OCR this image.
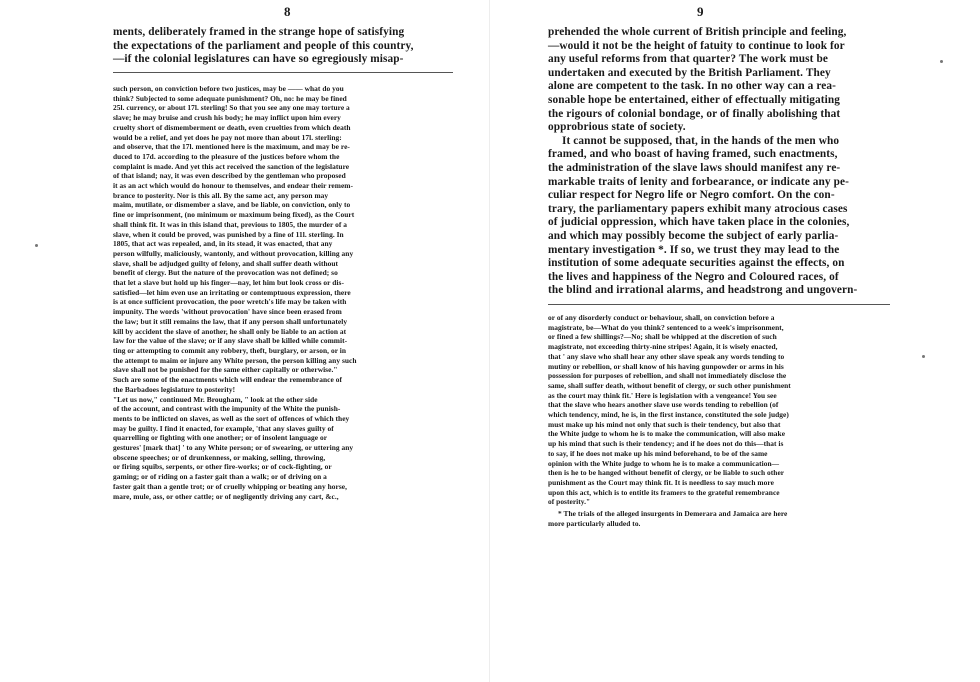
8
ments, deliberately framed in the strange hope of satisfying
the expectations of the parliament and people of this country,
—if the colonial legislatures can have so egregiously misap-
such person, on conviction before two justices, may be —— what do you
think? Subjected to some adequate punishment? Oh, no: he may be fined
25l. currency, or about 17l. sterling! So that you see any one may torture a
slave; he may bruise and crush his body; he may inflict upon him every
cruelty short of dismemberment or death, even cruelties from which death
would be a relief, and yet does he pay not more than about 17l. sterling:
and observe, that the 17l. mentioned here is the maximum, and may be re-
duced to 17d. according to the pleasure of the justices before whom the
complaint is made. And yet this act received the sanction of the legislature
of that island; nay, it was even described by the gentleman who proposed
it as an act which would do honour to themselves, and endear their remem-
brance to posterity. Nor is this all. By the same act, any person may
maim, mutilate, or dismember a slave, and be liable, on conviction, only to
fine or imprisonment, (no minimum or maximum being fixed), as the Court
shall think fit. It was in this island that, previous to 1805, the murder of a
slave, when it could be proved, was punished by a fine of 11l. sterling. In
1805, that act was repealed, and, in its stead, it was enacted, that any
person wilfully, maliciously, wantonly, and without provocation, killing any
slave, shall be adjudged guilty of felony, and shall suffer death without
benefit of clergy. But the nature of the provocation was not defined; so
that let a slave but hold up his finger—nay, let him but look cross or dis-
satisfied—let him even use an irritating or contemptuous expression, there
is at once sufficient provocation, the poor wretch's life may be taken with
impunity. The words 'without provocation' have since been erased from
the law; but it still remains the law, that if any person shall unfortunately
kill by accident the slave of another, he shall only be liable to an action at
law for the value of the slave; or if any slave shall be killed while commit-
ting or attempting to commit any robbery, theft, burglary, or arson, or in
the attempt to maim or injure any White person, the person killing any such
slave shall not be punished for the same either capitally or otherwise."
Such are some of the enactments which will endear the remembrance of
the Barbadoes legislature to posterity!
"Let us now," continued Mr. Brougham, " look at the other side
of the account, and contrast with the impunity of the White the punish-
ments to be inflicted on slaves, as well as the sort of offences of which they
may be guilty. I find it enacted, for example, 'that any slaves guilty of
quarrelling or fighting with one another; or of insolent language or
gestures' [mark that] ' to any White person; or of swearing, or uttering any
obscene speeches; or of drunkenness, or making, selling, throwing,
or firing squibs, serpents, or other fire-works; or of cock-fighting, or
gaming; or of riding on a faster gait than a walk; or of driving on a
faster gait than a gentle trot; or of cruelly whipping or beating any horse,
mare, mule, ass, or other cattle; or of negligently driving any cart, &c.,
9
prehended the whole current of British principle and feeling,
—would it not be the height of fatuity to continue to look for
any useful reforms from that quarter? The work must be
undertaken and executed by the British Parliament. They
alone are competent to the task. In no other way can a rea-
sonable hope be entertained, either of effectually mitigating
the rigours of colonial bondage, or of finally abolishing that
opprobrious state of society.
It cannot be supposed, that, in the hands of the men who
framed, and who boast of having framed, such enactments,
the administration of the slave laws should manifest any re-
markable traits of lenity and forbearance, or indicate any pe-
culiar respect for Negro life or Negro comfort. On the con-
trary, the parliamentary papers exhibit many atrocious cases
of judicial oppression, which have taken place in the colonies,
and which may possibly become the subject of early parlia-
mentary investigation *. If so, we trust they may lead to the
institution of some adequate securities against the effects, on
the lives and happiness of the Negro and Coloured races, of
the blind and irrational alarms, and headstrong and ungovern-
or of any disorderly conduct or behaviour, shall, on conviction before a
magistrate, be—What do you think? sentenced to a week's imprisonment,
or fined a few shillings?—No; shall be whipped at the discretion of such
magistrate, not exceeding thirty-nine stripes! Again, it is wisely enacted,
that ' any slave who shall hear any other slave speak any words tending to
mutiny or rebellion, or shall know of his having gunpowder or arms in his
possession for purposes of rebellion, and shall not immediately disclose the
same, shall suffer death, without benefit of clergy, or such other punishment
as the court may think fit.' Here is legislation with a vengeance! You see
that the slave who hears another slave use words tending to rebellion (of
which tendency, mind, he is, in the first instance, constituted the sole judge)
must make up his mind not only that such is their tendency, but also that
the White judge to whom he is to make the communication, will also make
up his mind that such is their tendency; and if he does not do this—that is
to say, if he does not make up his mind beforehand, to be of the same
opinion with the White judge to whom he is to make a communication—
then is he to be hanged without benefit of clergy, or be liable to such other
punishment as the Court may think fit. It is needless to say much more
upon this act, which is to entitle its framers to the grateful remembrance
of posterity."
* The trials of the alleged insurgents in Demerara and Jamaica are here
more particularly alluded to.
